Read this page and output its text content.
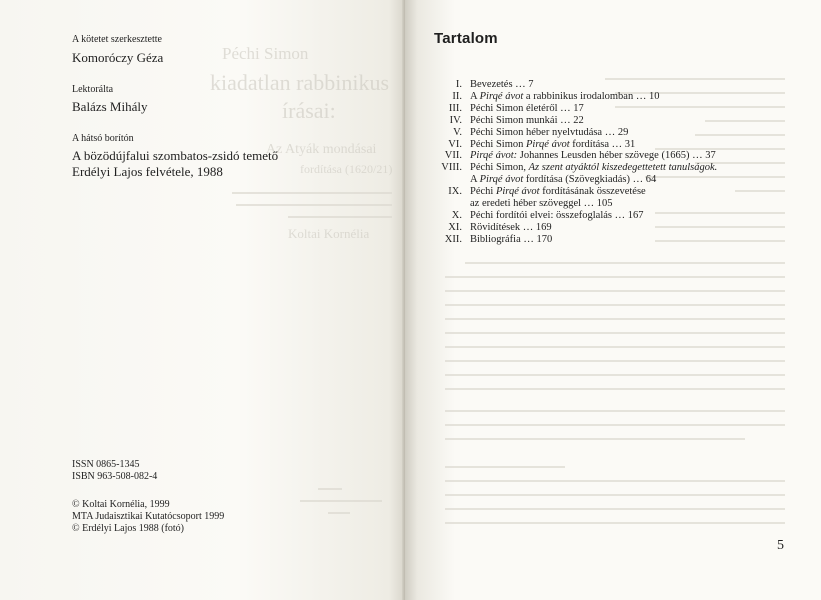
Péchi Simon
kiadatlan rabbinikus
írásai:
Az Atyák mondásai
fordítása (1620/21)
Koltai Kornélia
A kötetet szerkesztette
Komoróczy Géza
Lektorálta
Balázs Mihály
A hátsó borítón
A bözödújfalui szombatos-zsidó temető
Erdélyi Lajos felvétele, 1988
ISSN 0865-1345
ISBN 963-508-082-4
© Koltai Kornélia, 1999
MTA Judaisztikai Kutatócsoport 1999
© Erdélyi Lajos 1988 (fotó)
Tartalom
I. Bevezetés … 7
II. A Pirqé ávot a rabbinikus irodalomban … 10
III. Péchi Simon életéről … 17
IV. Péchi Simon munkái … 22
V. Péchi Simon héber nyelvtudása … 29
VI. Péchi Simon Pirqé ávot fordítása … 31
VII. Pirqé ávot: Johannes Leusden héber szövege (1665) … 37
VIII. Péchi Simon, Az szent atyáktól kiszedegettetett tanulságok.
A Pirqé ávot fordítása (Szövegkiadás) … 64
IX. Péchi Pirqé ávot fordításának összevetése
az eredeti héber szöveggel … 105
X. Péchi fordítói elvei: összefoglalás … 167
XI. Rövidítések … 169
XII. Bibliográfia … 170
5
